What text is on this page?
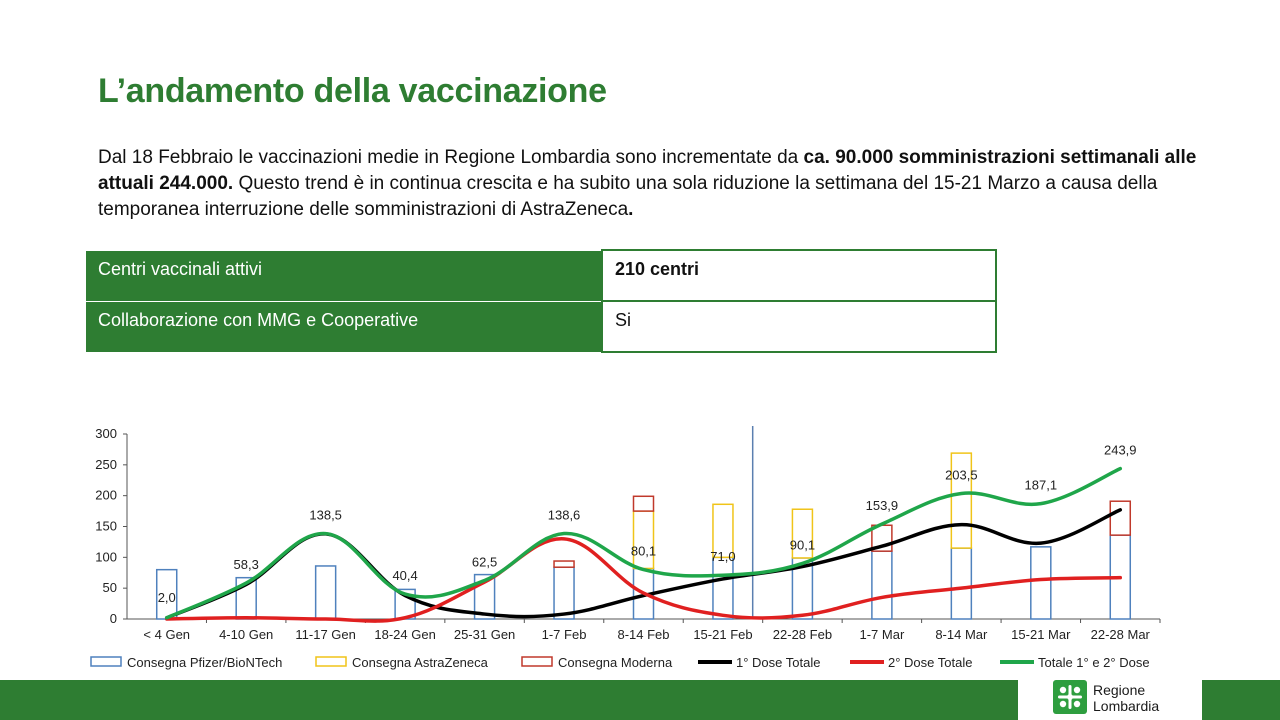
L’andamento della vaccinazione
Dal 18 Febbraio le vaccinazioni medie in Regione Lombardia sono incrementate da ca. 90.000 somministrazioni settimanali alle attuali 244.000. Questo trend è in continua crescita e ha subito una sola riduzione la settimana del 15-21 Marzo a causa della temporanea interruzione delle somministrazioni di AstraZeneca.
Centri vaccinali attivi	210 centri
Collaborazione con MMG e Cooperative	Si
0
50
100
150
200
250
300
< 4 Gen 4-10 Gen 11-17 Gen 18-24 Gen 25-31 Gen 1-7 Feb 8-14 Feb 15-21 Feb 22-28 Feb 1-7 Mar 8-14 Mar 15-21 Mar 22-28 Mar
2,0
58,3
138,5
40,4
62,5
138,6
80,1	71,0
90,1
153,9
203,5
187,1
243,9
Consegna Pfizer/BioNTech	Consegna AstraZeneca	Consegna Moderna	1° Dose Totale	2° Dose Totale	Totale 1° e 2° Dose
Regione
Lombardia
